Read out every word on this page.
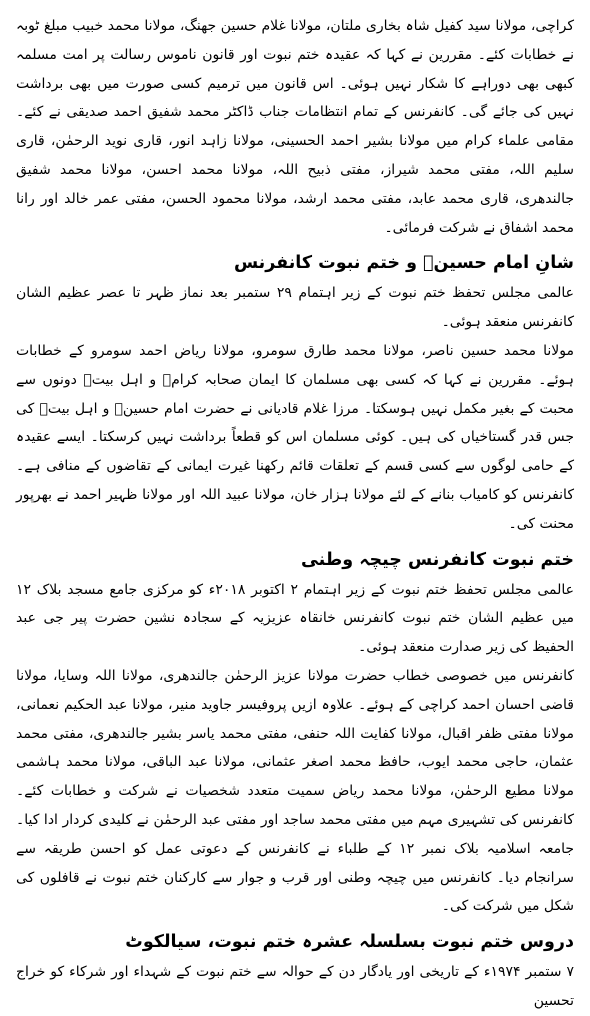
کراچی، مولانا سید کفیل شاہ بخاری ملتان، مولانا غلام حسین جھنگ، مولانا محمد خبیب مبلغ ٹوبہ نے خطابات کئے۔ مقررین نے کہا کہ عقیدہ ختم نبوت اور قانون ناموس رسالت پر امت مسلمہ کبھی بھی دوراہے کا شکار نہیں ہوئی۔ اس قانون میں ترمیم کسی صورت میں بھی برداشت نہیں کی جائے گی۔ کانفرنس کے تمام انتظامات جناب ڈاکٹر محمد شفیق احمد صدیقی نے کئے۔ مقامی علماء کرام میں مولانا بشیر احمد الحسینی، مولانا زاہد انور، قاری نوید الرحمٰن، قاری سلیم اللہ، مفتی محمد شیراز، مفتی ذبیح اللہ، مولانا محمد احسن، مولانا محمد شفیق جالندھری، قاری محمد عابد، مفتی محمد ارشد، مولانا محمود الحسن، مفتی عمر خالد اور رانا محمد اشفاق نے شرکت فرمائی۔

شانِ امام حسینؓ و ختم نبوت کانفرنس

عالمی مجلس تحفظ ختم نبوت کے زیر اہتمام ۲۹ ستمبر بعد نماز ظہر تا عصر عظیم الشان کانفرنس منعقد ہوئی۔

مولانا محمد حسین ناصر، مولانا محمد طارق سومرو، مولانا ریاض احمد سومرو کے خطابات ہوئے۔ مقررین نے کہا کہ کسی بھی مسلمان کا ایمان صحابہ کرامؓ و اہل بیتؓ دونوں سے محبت کے بغیر مکمل نہیں ہوسکتا۔ مرزا غلام قادیانی نے حضرت امام حسینؓ و اہل بیتؓ کی جس قدر گستاخیاں کی ہیں۔ کوئی مسلمان اس کو قطعاً برداشت نہیں کرسکتا۔ ایسے عقیدہ کے حامی لوگوں سے کسی قسم کے تعلقات قائم رکھنا غیرت ایمانی کے تقاضوں کے منافی ہے۔ کانفرنس کو کامیاب بنانے کے لئے مولانا ہزار خان، مولانا عبید اللہ اور مولانا ظہیر احمد نے بھرپور محنت کی۔

ختم نبوت کانفرنس چیچہ وطنی

عالمی مجلس تحفظ ختم نبوت کے زیر اہتمام ۲ اکتوبر ۲۰۱۸ء کو مرکزی جامع مسجد بلاک ۱۲ میں عظیم الشان ختم نبوت کانفرنس خانقاہ عزیزیہ کے سجادہ نشین حضرت پیر جی عبد الحفیظ کی زیر صدارت منعقد ہوئی۔

کانفرنس میں خصوصی خطاب حضرت مولانا عزیز الرحمٰن جالندھری، مولانا اللہ وسایا، مولانا قاضی احسان احمد کراچی کے ہوئے۔ علاوہ ازیں پروفیسر جاوید منیر، مولانا عبد الحکیم نعمانی، مولانا مفتی ظفر اقبال، مولانا کفایت اللہ حنفی، مفتی محمد یاسر بشیر جالندھری، مفتی محمد عثمان، حاجی محمد ایوب، حافظ محمد اصغر عثمانی، مولانا عبد الباقی، مولانا محمد ہاشمی مولانا مطیع الرحمٰن، مولانا محمد ریاض سمیت متعدد شخصیات نے شرکت و خطابات کئے۔ کانفرنس کی تشہیری مہم میں مفتی محمد ساجد اور مفتی عبد الرحمٰن نے کلیدی کردار ادا کیا۔ جامعہ اسلامیہ بلاک نمبر ۱۲ کے طلباء نے کانفرنس کے دعوتی عمل کو احسن طریقہ سے سرانجام دیا۔ کانفرنس میں چیچہ وطنی اور قرب و جوار سے کارکنان ختم نبوت نے قافلوں کی شکل میں شرکت کی۔

دروس ختم نبوت بسلسلہ عشرہ ختم نبوت، سیالکوٹ

۷ ستمبر ۱۹۷۴ء کے تاریخی اور یادگار دن کے حوالہ سے ختم نبوت کے شہداء اور شرکاء کو خراج تحسین
